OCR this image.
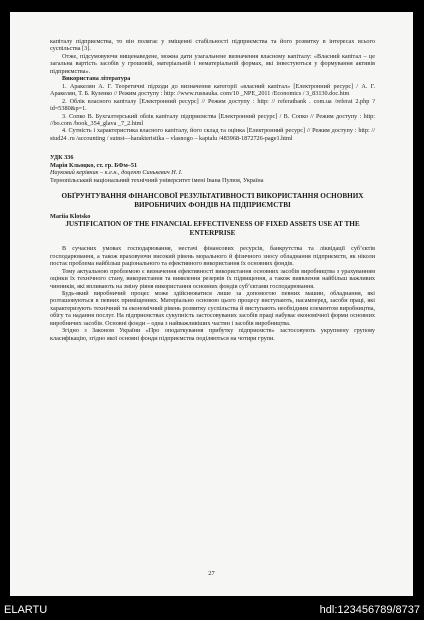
капіталу підприємства, то він полягає у зміщенні стабільності підприємства та його розвитку в інтересах всього суспільства [3].

Отже, підсумовуючи вищенаведене, можна дати узагальнене визначення власному капіталу: «Власний капітал – це загальна вартість засобів у грошовій, матеріальній і нематеріальній формах, які інвестуються у формування активів підприємства».

Використана література

1. Аракелян А. Г. Теоретичні підходи до визначення категорії «власний капітал» [Електронний ресурс] / А. Г. Аракелян, Т. Б. Кузенко // Режим доступу : http: //www.rusnauka. com/10 _NPE_2011 /Economics / 3_83130.doc.htm

2. Облік власного капіталу [Електронний ресурс] // Режим доступу : http: // referatbank . com.ua /referat 2.php ?id=5380&p=1.

3. Сопко В. Бухгалтерський облік капіталу підприємства [Електронний ресурс] / В. Сопко // Режим доступу : http: //bo.com /book_354_glava _7_2.html

4. Сутність і характеристика власного капіталу, його склад та оцінка [Електронний ресурс] // Режим доступу : http: // stud24 .ru /accounting / sutnst—harakteristika – vlasnogo – kaptalu /483968-1872726-page1.html

УДК 336

Марія Кльоцко, ст. гр. БФм–51

Науковий керівник – к.е.н., доцент Синькевич Н. І.

Тернопільський національний технічний університет імені Івана Пулюя, Україна

ОБҐРУНТУВАННЯ ФІНАНСОВОЇ РЕЗУЛЬТАТИВНОСТІ ВИКОРИСТАННЯ ОСНОВНИХ ВИРОБНИЧИХ ФОНДІВ НА ПІДПРИЄМСТВІ

Mariia Klotsko

JUSTIFICATION OF THE FINANCIAL EFFECTIVENESS OF FIXED ASSETS USE AT THE ENTERPRISE

В сучасних умовах господарювання, нестачі фінансових ресурсів, банкрутства та ліквідації суб’єктів господарювання, а також враховуючи високий рівень морального й фізичного зносу обладнання підприємств, як ніколи постає проблема найбільш раціонального та ефективного використання їх основних фондів.

Тому актуальною проблемою є визначення ефективності використання основних засобів виробництва з урахуванням оцінки їх технічного стану, використання та виявлення резервів їх підвищення, а також виявлення найбільш важливих чинників, які впливають на зміну рівня використання основних фондів суб’єктами господарювання.

Будь-який виробничий процес може здійснюватися лише за допомогою певних машин, обладнання, які розташовуються в певних приміщеннях. Матеріально основою цього процесу виступають, насамперед, засоби праці, які характеризують технічний та економічний рівень розвитку суспільства й виступають необхідним елементом виробництва, обігу та надання послуг. На підприємствах сукупність застосовуваних засобів праці набуває економічної форми основних виробничих засобів. Основні фонди – одна з найважливіших частин і засобів виробництва.

Згідно з Законом України «Про оподаткування прибутку підприємств» застосовують укрупнену групову класифікацію, згідно якої основні фонди підприємства поділяються на чотири групи.

27
ELARTU	hdl:123456789/8737
